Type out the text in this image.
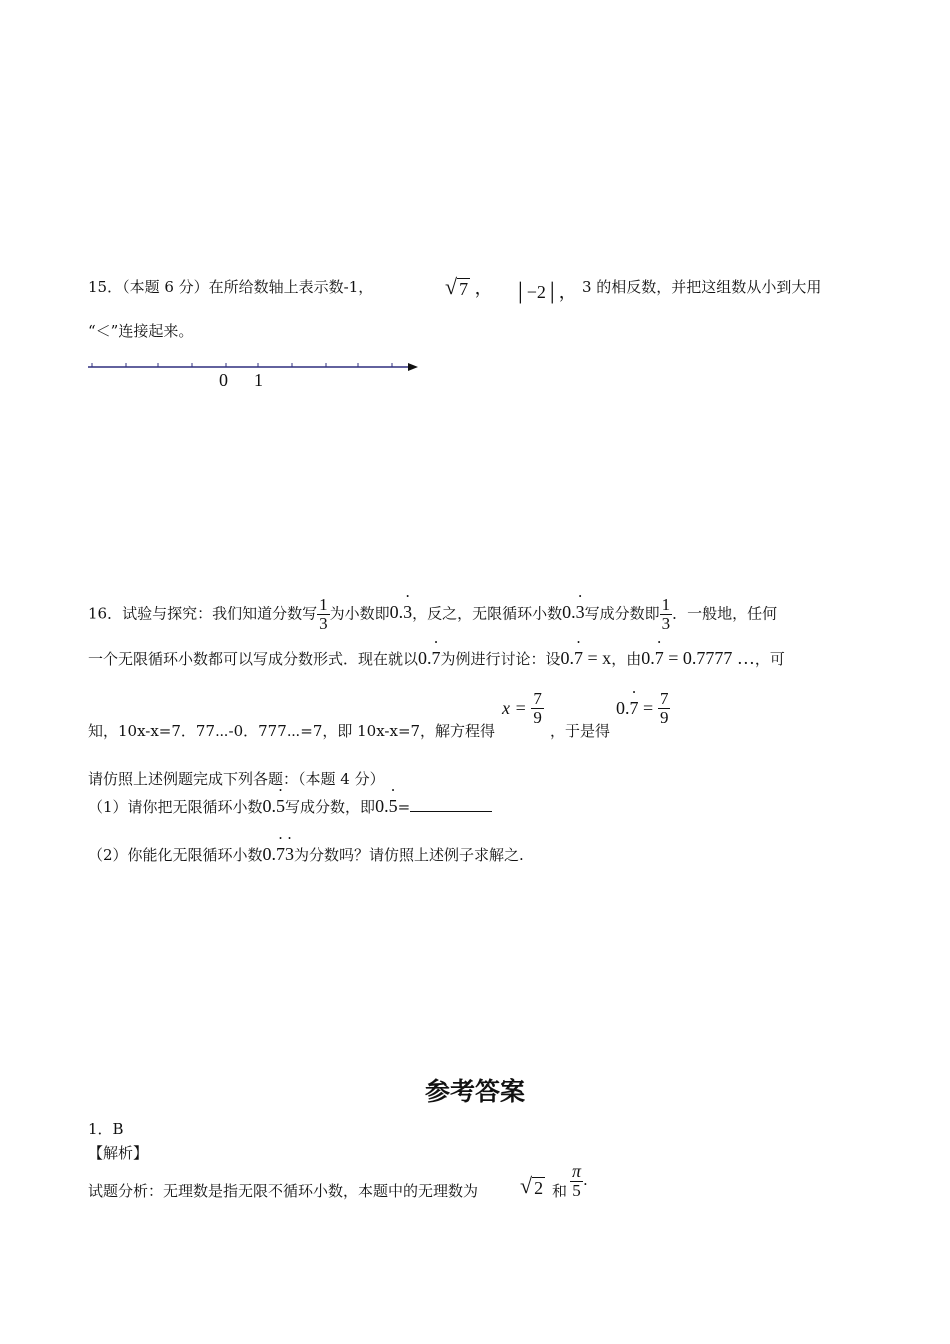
15．（本题 6 分）在所给数轴上表示数-1，	√ 7 ， │−2│， 3 的相反数，并把这组数从小到大用
“＜”连接起来。
0 1
16．试验与探究：我们知道分数写 $\frac{1}{3}$ 为小数即0.3 •，反之，无限循环小数0.3 •写成分数即 $\frac{1}{3}$ ．一般地，任何
一个无限循环小数都可以写成分数形式．现在就以0.7 •为例进行讨论：设0.7 • = x，由0.7 • = 0.7777 …，可
知，10x-x=7．77⋯-0．777⋯=7，即 10x-x=7，解方程得
$x = \frac{7}{9}$
，于是得
0.7 • = $\frac{7}{9}$
请仿照上述例题完成下列各题：（本题 4 分）
（1）请你把无限循环小数0.5 •写成分数，即0.5 •=
（2）你能化无限循环小数0.7 •3 •为分数吗？请仿照上述例子求解之.
参考答案
1．B
【解析】
试题分析：无理数是指无限不循环小数，本题中的无理数为 √ 2 和 $\frac{\pi}{5}$ .
